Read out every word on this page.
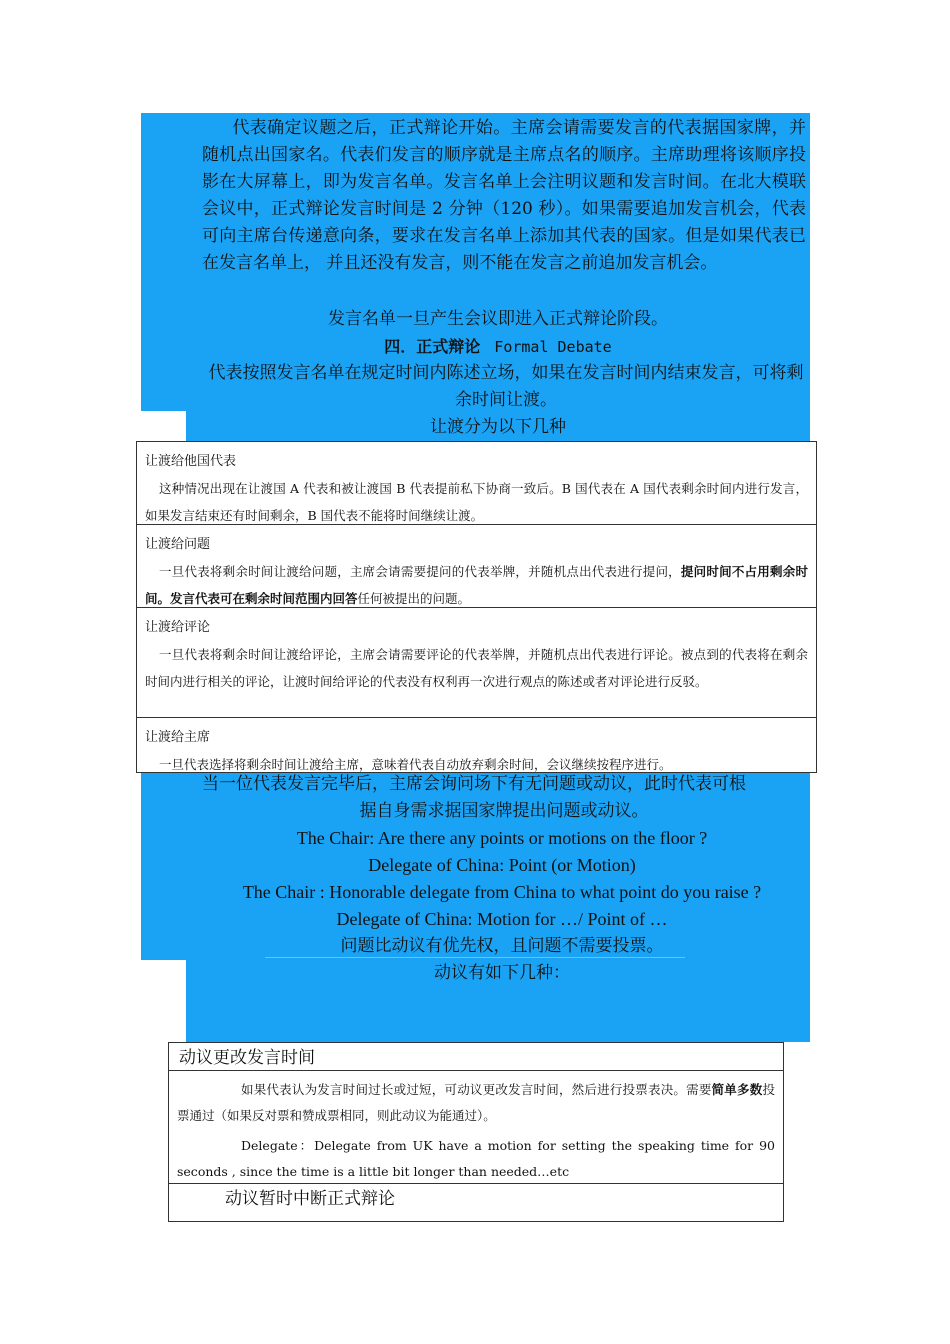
代表确定议题之后，正式辩论开始。主席会请需要发言的代表据国家牌，并随机点出国家名。代表们发言的顺序就是主席点名的顺序。主席助理将该顺序投影在大屏幕上，即为发言名单。发言名单上会注明议题和发言时间。在北大模联会议中，正式辩论发言时间是 2 分钟（120 秒）。如果需要追加发言机会，代表可向主席台传递意向条，要求在发言名单上添加其代表的国家。但是如果代表已在发言名单上， 并且还没有发言，则不能在发言之前追加发言机会。
发言名单一旦产生会议即进入正式辩论阶段。
四．正式辩论 Formal Debate
代表按照发言名单在规定时间内陈述立场，如果在发言时间内结束发言，可将剩余时间让渡。
让渡分为以下几种
让渡给他国代表
这种情况出现在让渡国 A 代表和被让渡国 B 代表提前私下协商一致后。B 国代表在 A 国代表剩余时间内进行发言，如果发言结束还有时间剩余，B 国代表不能将时间继续让渡。
让渡给问题
一旦代表将剩余时间让渡给问题，主席会请需要提问的代表举牌，并随机点出代表进行提问，提问时间不占用剩余时间。发言代表可在剩余时间范围内回答任何被提出的问题。
让渡给评论
一旦代表将剩余时间让渡给评论，主席会请需要评论的代表举牌，并随机点出代表进行评论。被点到的代表将在剩余时间内进行相关的评论，让渡时间给评论的代表没有权利再一次进行观点的陈述或者对评论进行反驳。
让渡给主席
一旦代表选择将剩余时间让渡给主席，意味着代表自动放弃剩余时间，会议继续按程序进行。
当一位代表发言完毕后，主席会询问场下有无问题或动议，此时代表可根
据自身需求据国家牌提出问题或动议。
The Chair: Are there any points or motions on the floor ?
Delegate of China: Point (or Motion)
The Chair : Honorable delegate from China to what point do you raise ?
Delegate of China: Motion for …/ Point of …
问题比动议有优先权，且问题不需要投票。
动议有如下几种：
动议更改发言时间
如果代表认为发言时间过长或过短，可动议更改发言时间，然后进行投票表决。需要简单多数投票通过（如果反对票和赞成票相同，则此动议为能通过）。
Delegate：Delegate from UK have a motion for setting the speaking time for 90 seconds , since the time is a little bit longer than needed…etc
动议暂时中断正式辩论
